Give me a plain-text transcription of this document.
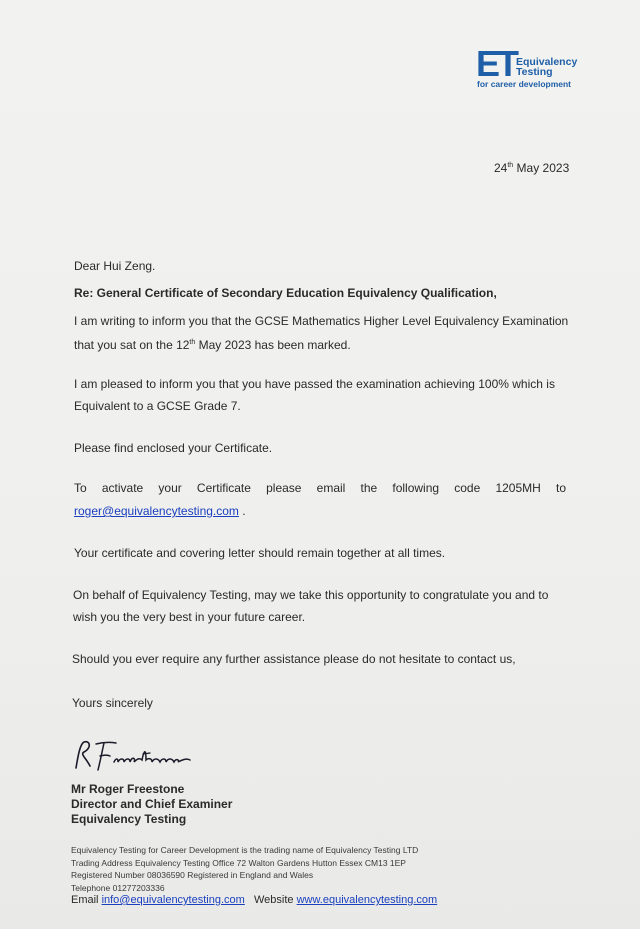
ET Equivalency
Testing
for career development
24th May 2023
Dear Hui Zeng.
Re: General Certificate of Secondary Education Equivalency Qualification,
I am writing to inform you that the GCSE Mathematics Higher Level Equivalency Examination
that you sat on the 12th May 2023 has been marked.
I am pleased to inform you that you have passed the examination achieving 100% which is
Equivalent to a GCSE Grade 7.
Please find enclosed your Certificate.
To activate your Certificate please email the following code 1205MH to
roger@equivalencytesting.com .
Your certificate and covering letter should remain together at all times.
On behalf of Equivalency Testing, may we take this opportunity to congratulate you and to
wish you the very best in your future career.
Should you ever require any further assistance please do not hesitate to contact us,
Yours sincerely
Mr Roger Freestone
Director and Chief Examiner
Equivalency Testing
Equivalency Testing for Career Development is the trading name of Equivalency Testing LTD
Trading Address Equivalency Testing Office 72 Walton Gardens Hutton Essex CM13 1EP
Registered Number 08036590 Registered in England and Wales
Telephone 01277203336
Email info@equivalencytesting.com   Website www.equivalencytesting.com
